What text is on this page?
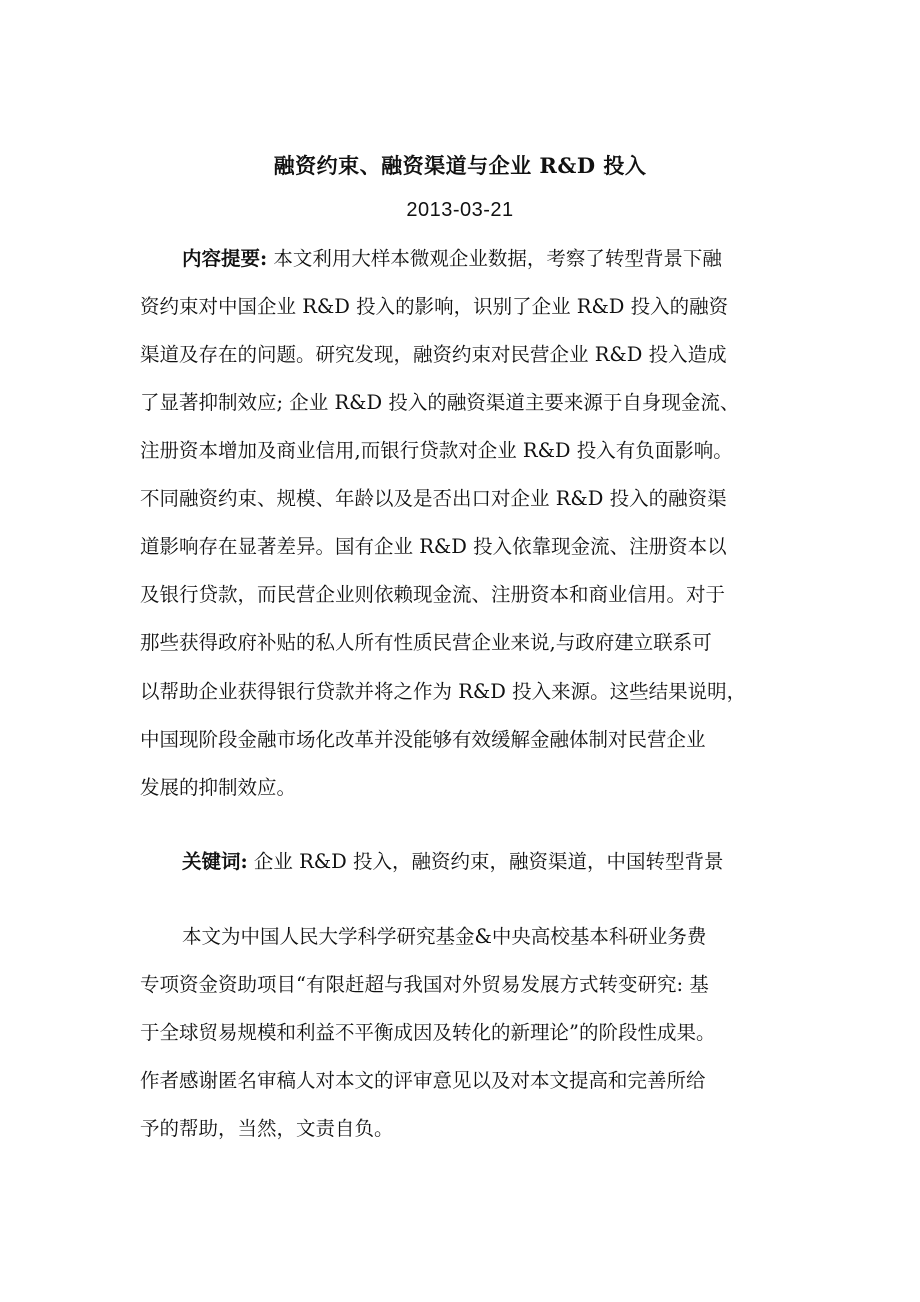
融资约束、融资渠道与企业 R&D 投入
2013-03-21
内容提要: 本文利用大样本微观企业数据，考察了转型背景下融
资约束对中国企业 R&D 投入的影响，识别了企业 R&D 投入的融资
渠道及存在的问题。研究发现，融资约束对民营企业 R&D 投入造成
了显著抑制效应; 企业 R&D 投入的融资渠道主要来源于自身现金流、
注册资本增加及商业信用,而银行贷款对企业 R&D 投入有负面影响。
不同融资约束、规模、年龄以及是否出口对企业 R&D 投入的融资渠
道影响存在显著差异。国有企业 R&D 投入依靠现金流、注册资本以
及银行贷款，而民营企业则依赖现金流、注册资本和商业信用。对于
那些获得政府补贴的私人所有性质民营企业来说,与政府建立联系可
以帮助企业获得银行贷款并将之作为 R&D 投入来源。这些结果说明，
中国现阶段金融市场化改革并没能够有效缓解金融体制对民营企业
发展的抑制效应。
关键词: 企业 R&D 投入，融资约束，融资渠道，中国转型背景
本文为中国人民大学科学研究基金&中央高校基本科研业务费
专项资金资助项目“有限赶超与我国对外贸易发展方式转变研究: 基
于全球贸易规模和利益不平衡成因及转化的新理论”的阶段性成果。
作者感谢匿名审稿人对本文的评审意见以及对本文提高和完善所给
予的帮助，当然，文责自负。
